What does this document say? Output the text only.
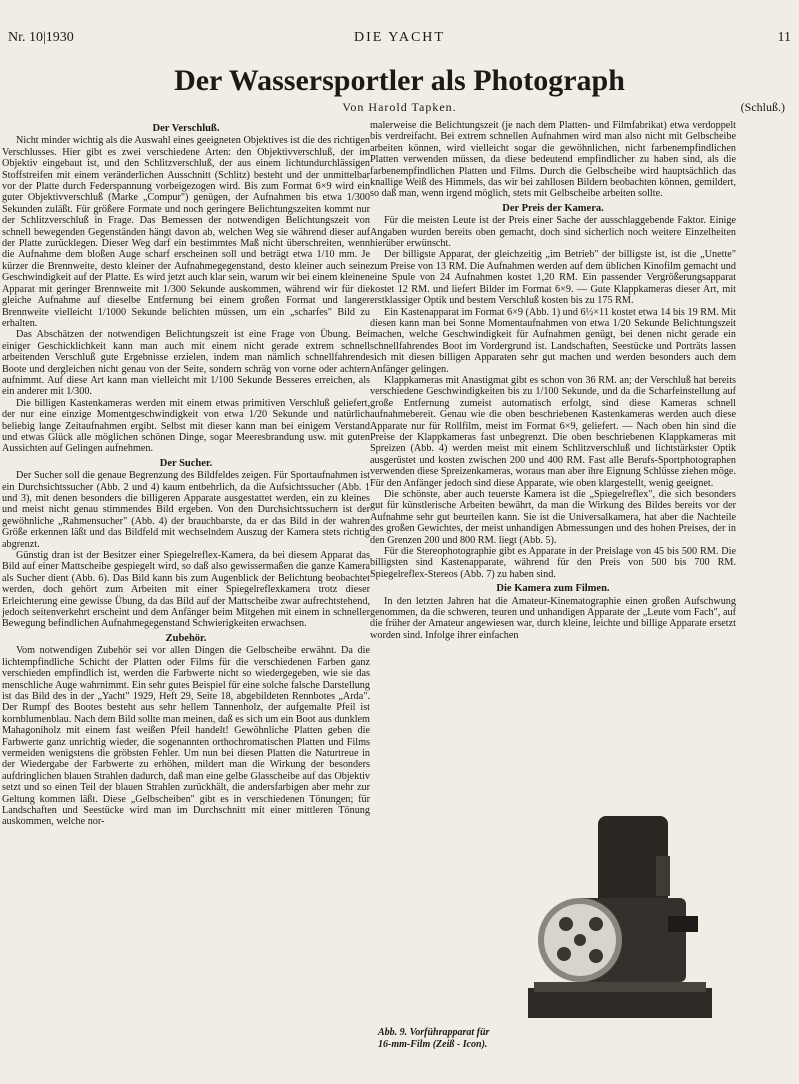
Nr. 10|1930	DIE YACHT	11
Der Wassersportler als Photograph
Von Harold Tapken.	(Schluß.)
Der Verschluß.

Nicht minder wichtig als die Auswahl eines geeigneten Objektives ist die des richtigen Verschlusses. Hier gibt es zwei verschiedene Arten: den Objektivverschluß, der im Objektiv eingebaut ist, und den Schlitzverschluß, der aus einem lichtundurchlässigen Stoffstreifen mit einem veränderlichen Ausschnitt (Schlitz) besteht und der unmittelbar vor der Platte durch Federspannung vorbeigezogen wird. Bis zum Format 6×9 wird ein guter Objektivverschluß (Marke „Compur") genügen, der Aufnahmen bis etwa 1/300 Sekunden zuläßt. Für größere Formate und noch geringere Belichtungszeiten kommt nur der Schlitzverschluß in Frage. Das Bemessen der notwendigen Belichtungszeit von schnell bewegenden Gegenständen hängt davon ab, welchen Weg sie während dieser auf der Platte zurücklegen. Dieser Weg darf ein bestimmtes Maß nicht überschreiten, wenn die Aufnahme dem bloßen Auge scharf erscheinen soll und beträgt etwa 1/10 mm. Je kürzer die Brennweite, desto kleiner der Aufnahmegegenstand, desto kleiner auch seine Geschwindigkeit auf der Platte. Es wird jetzt auch klar sein, warum wir bei einem kleinen Apparat mit geringer Brennweite mit 1/300 Sekunde auskommen, während wir für die gleiche Aufnahme auf dieselbe Entfernung bei einem großen Format und langer Brennweite vielleicht 1/1000 Sekunde belichten müssen, um ein „scharfes" Bild zu erhalten.

Das Abschätzen der notwendigen Belichtungszeit ist eine Frage von Übung. Bei einiger Geschicklichkeit kann man auch mit einem nicht gerade extrem schnell arbeitenden Verschluß gute Ergebnisse erzielen, indem man nämlich schnellfahrende Boote und dergleichen nicht genau von der Seite, sondern schräg von vorne oder achtern aufnimmt. Auf diese Art kann man vielleicht mit 1/100 Sekunde Besseres erreichen, als ein anderer mit 1/300.

Die billigen Kastenkameras werden mit einem etwas primitiven Verschluß geliefert, der nur eine einzige Momentgeschwindigkeit von etwa 1/20 Sekunde und natürlich beliebig lange Zeitaufnahmen ergibt. Selbst mit dieser kann man bei einigem Verstand und etwas Glück alle möglichen schönen Dinge, sogar Meeresbrandung usw. mit guten Aussichten auf Gelingen aufnehmen.

Der Sucher.

Der Sucher soll die genaue Begrenzung des Bildfeldes zeigen. Für Sportaufnahmen ist ein Durchsichtssucher (Abb. 2 und 4) kaum entbehrlich, da die Aufsichtssucher (Abb. 1 und 3), mit denen besonders die billigeren Apparate ausgestattet werden, ein zu kleines und meist nicht genau stimmendes Bild ergeben. Von den Durchsichtssuchern ist der gewöhnliche „Rahmensucher" (Abb. 4) der brauchbarste, da er das Bild in der wahren Größe erkennen läßt und das Bildfeld mit wechselndem Auszug der Kamera stets richtig abgrenzt.

Günstig dran ist der Besitzer einer Spiegelreflex-Kamera, da bei diesem Apparat das Bild auf einer Mattscheibe gespiegelt wird, so daß also gewissermaßen die ganze Kamera als Sucher dient (Abb. 6). Das Bild kann bis zum Augenblick der Belichtung beobachtet werden, doch gehört zum Arbeiten mit einer Spiegelreflexkamera trotz dieser Erleichterung eine gewisse Übung, da das Bild auf der Mattscheibe zwar aufrechtstehend, jedoch seitenverkehrt erscheint und dem Anfänger beim Mitgehen mit einem in schneller Bewegung befindlichen Aufnahmegegenstand Schwierigkeiten erwachsen.

Zubehör.

Vom notwendigen Zubehör sei vor allen Dingen die Gelbscheibe erwähnt. Da die lichtempfindliche Schicht der Platten oder Films für die verschiedenen Farben ganz verschieden empfindlich ist, werden die Farbwerte nicht so wiedergegeben, wie sie das menschliche Auge wahrnimmt. Ein sehr gutes Beispiel für eine solche falsche Darstellung ist das Bild des in der „Yacht" 1929, Heft 29, Seite 18, abgebildeten Rennbotes „Arda". Der Rumpf des Bootes besteht aus sehr hellem Tannenholz, der aufgemalte Pfeil ist kornblumenblau. Nach dem Bild sollte man meinen, daß es sich um ein Boot aus dunklem Mahagoniholz mit einem fast weißen Pfeil handelt! Gewöhnliche Platten geben die Farbwerte ganz unrichtig wieder, die sogenannten orthochromatischen Platten und Films vermeiden wenigstens die gröbsten Fehler. Um nun bei diesen Platten die Naturtreue in der Wiedergabe der Farbwerte zu erhöhen, mildert man die Wirkung der besonders aufdringlichen blauen Strahlen dadurch, daß man eine gelbe Glasscheibe auf das Objektiv setzt und so einen Teil der blauen Strahlen zurückhält, die andersfarbigen aber mehr zur Geltung kommen läßt. Diese „Gelbscheiben" gibt es in verschiedenen Tönungen; für Landschaften und Seestücke wird man im Durchschnitt mit einer mittleren Tönung auskommen, welche nor-

malerweise die Belichtungszeit (je nach dem Platten- und Filmfabrikat) etwa verdoppelt bis verdreifacht. Bei extrem schnellen Aufnahmen wird man also nicht mit Gelbscheibe arbeiten können, wird vielleicht sogar die gewöhnlichen, nicht farbenempfindlichen Platten verwenden müssen, da diese bedeutend empfindlicher zu haben sind, als die farbenempfindlichen Platten und Films. Durch die Gelbscheibe wird hauptsächlich das knallige Weiß des Himmels, das wir bei zahllosen Bildern beobachten können, gemildert, so daß man, wenn irgend möglich, stets mit Gelbscheibe arbeiten sollte.

Der Preis der Kamera.

Für die meisten Leute ist der Preis einer Sache der ausschlaggebende Faktor. Einige Angaben wurden bereits oben gemacht, doch sind sicherlich noch weitere Einzelheiten hierüber erwünscht.

Der billigste Apparat, der gleichzeitig „im Betrieb" der billigste ist, ist die „Unette" zum Preise von 13 RM. Die Aufnahmen werden auf dem üblichen Kinofilm gemacht und eine Spule von 24 Aufnahmen kostet 1,20 RM. Ein passender Vergrößerungsapparat kostet 12 RM. und liefert Bilder im Format 6×9. — Gute Klappkameras dieser Art, mit erstklassiger Optik und bestem Verschluß kosten bis zu 175 RM.

Ein Kastenapparat im Format 6×9 (Abb. 1) und 6½×11 kostet etwa 14 bis 19 RM. Mit diesen kann man bei Sonne Momentaufnahmen von etwa 1/20 Sekunde Belichtungszeit machen, welche Geschwindigkeit für Aufnahmen genügt, bei denen nicht gerade ein schnellfahrendes Boot im Vordergrund ist. Landschaften, Seestücke und Porträts lassen sich mit diesen billigen Apparaten sehr gut machen und werden besonders auch dem Anfänger gelingen.

Klappkameras mit Anastigmat gibt es schon von 36 RM. an; der Verschluß hat bereits verschiedene Geschwindigkeiten bis zu 1/100 Sekunde, und da die Scharfeinstellung auf große Entfernung zumeist automatisch erfolgt, sind diese Kameras schnell aufnahmebereit. Genau wie die oben beschriebenen Kastenkameras werden auch diese Apparate nur für Rollfilm, meist im Format 6×9, geliefert. — Nach oben hin sind die Preise der Klappkameras fast unbegrenzt. Die oben beschriebenen Klappkameras mit Spreizen (Abb. 4) werden meist mit einem Schlitzverschluß und lichtstärkster Optik ausgerüstet und kosten zwischen 200 und 400 RM. Fast alle Berufs-Sportphotographen verwenden diese Spreizenkameras, woraus man aber ihre Eignung Schlüsse ziehen möge. Für den Anfänger jedoch sind diese Apparate, wie oben klargestellt, wenig geeignet.

Die schönste, aber auch teuerste Kamera ist die „Spiegelreflex", die sich besonders gut für künstlerische Arbeiten bewährt, da man die Wirkung des Bildes bereits vor der Aufnahme sehr gut beurteilen kann. Sie ist die Universalkamera, hat aber die Nachteile des großen Gewichtes, der meist unhandigen Abmessungen und des hohen Preises, der in den Grenzen 200 und 800 RM. liegt (Abb. 5).

Für die Stereophotographie gibt es Apparate in der Preislage von 45 bis 500 RM. Die billigsten sind Kastenapparate, während für den Preis von 500 bis 700 RM. Spiegelreflex-Stereos (Abb. 7) zu haben sind.

Die Kamera zum Filmen.

In den letzten Jahren hat die Amateur-Kinematographie einen großen Aufschwung genommen, da die schweren, teuren und unhandigen Apparate der „Leute vom Fach", auf die früher der Amateur angewiesen war, durch kleine, leichte und billige Apparate ersetzt worden sind. Infolge ihrer einfachen

Abb. 9. Vorführapparat für
16-mm-Film (Zeiß - Icon).
